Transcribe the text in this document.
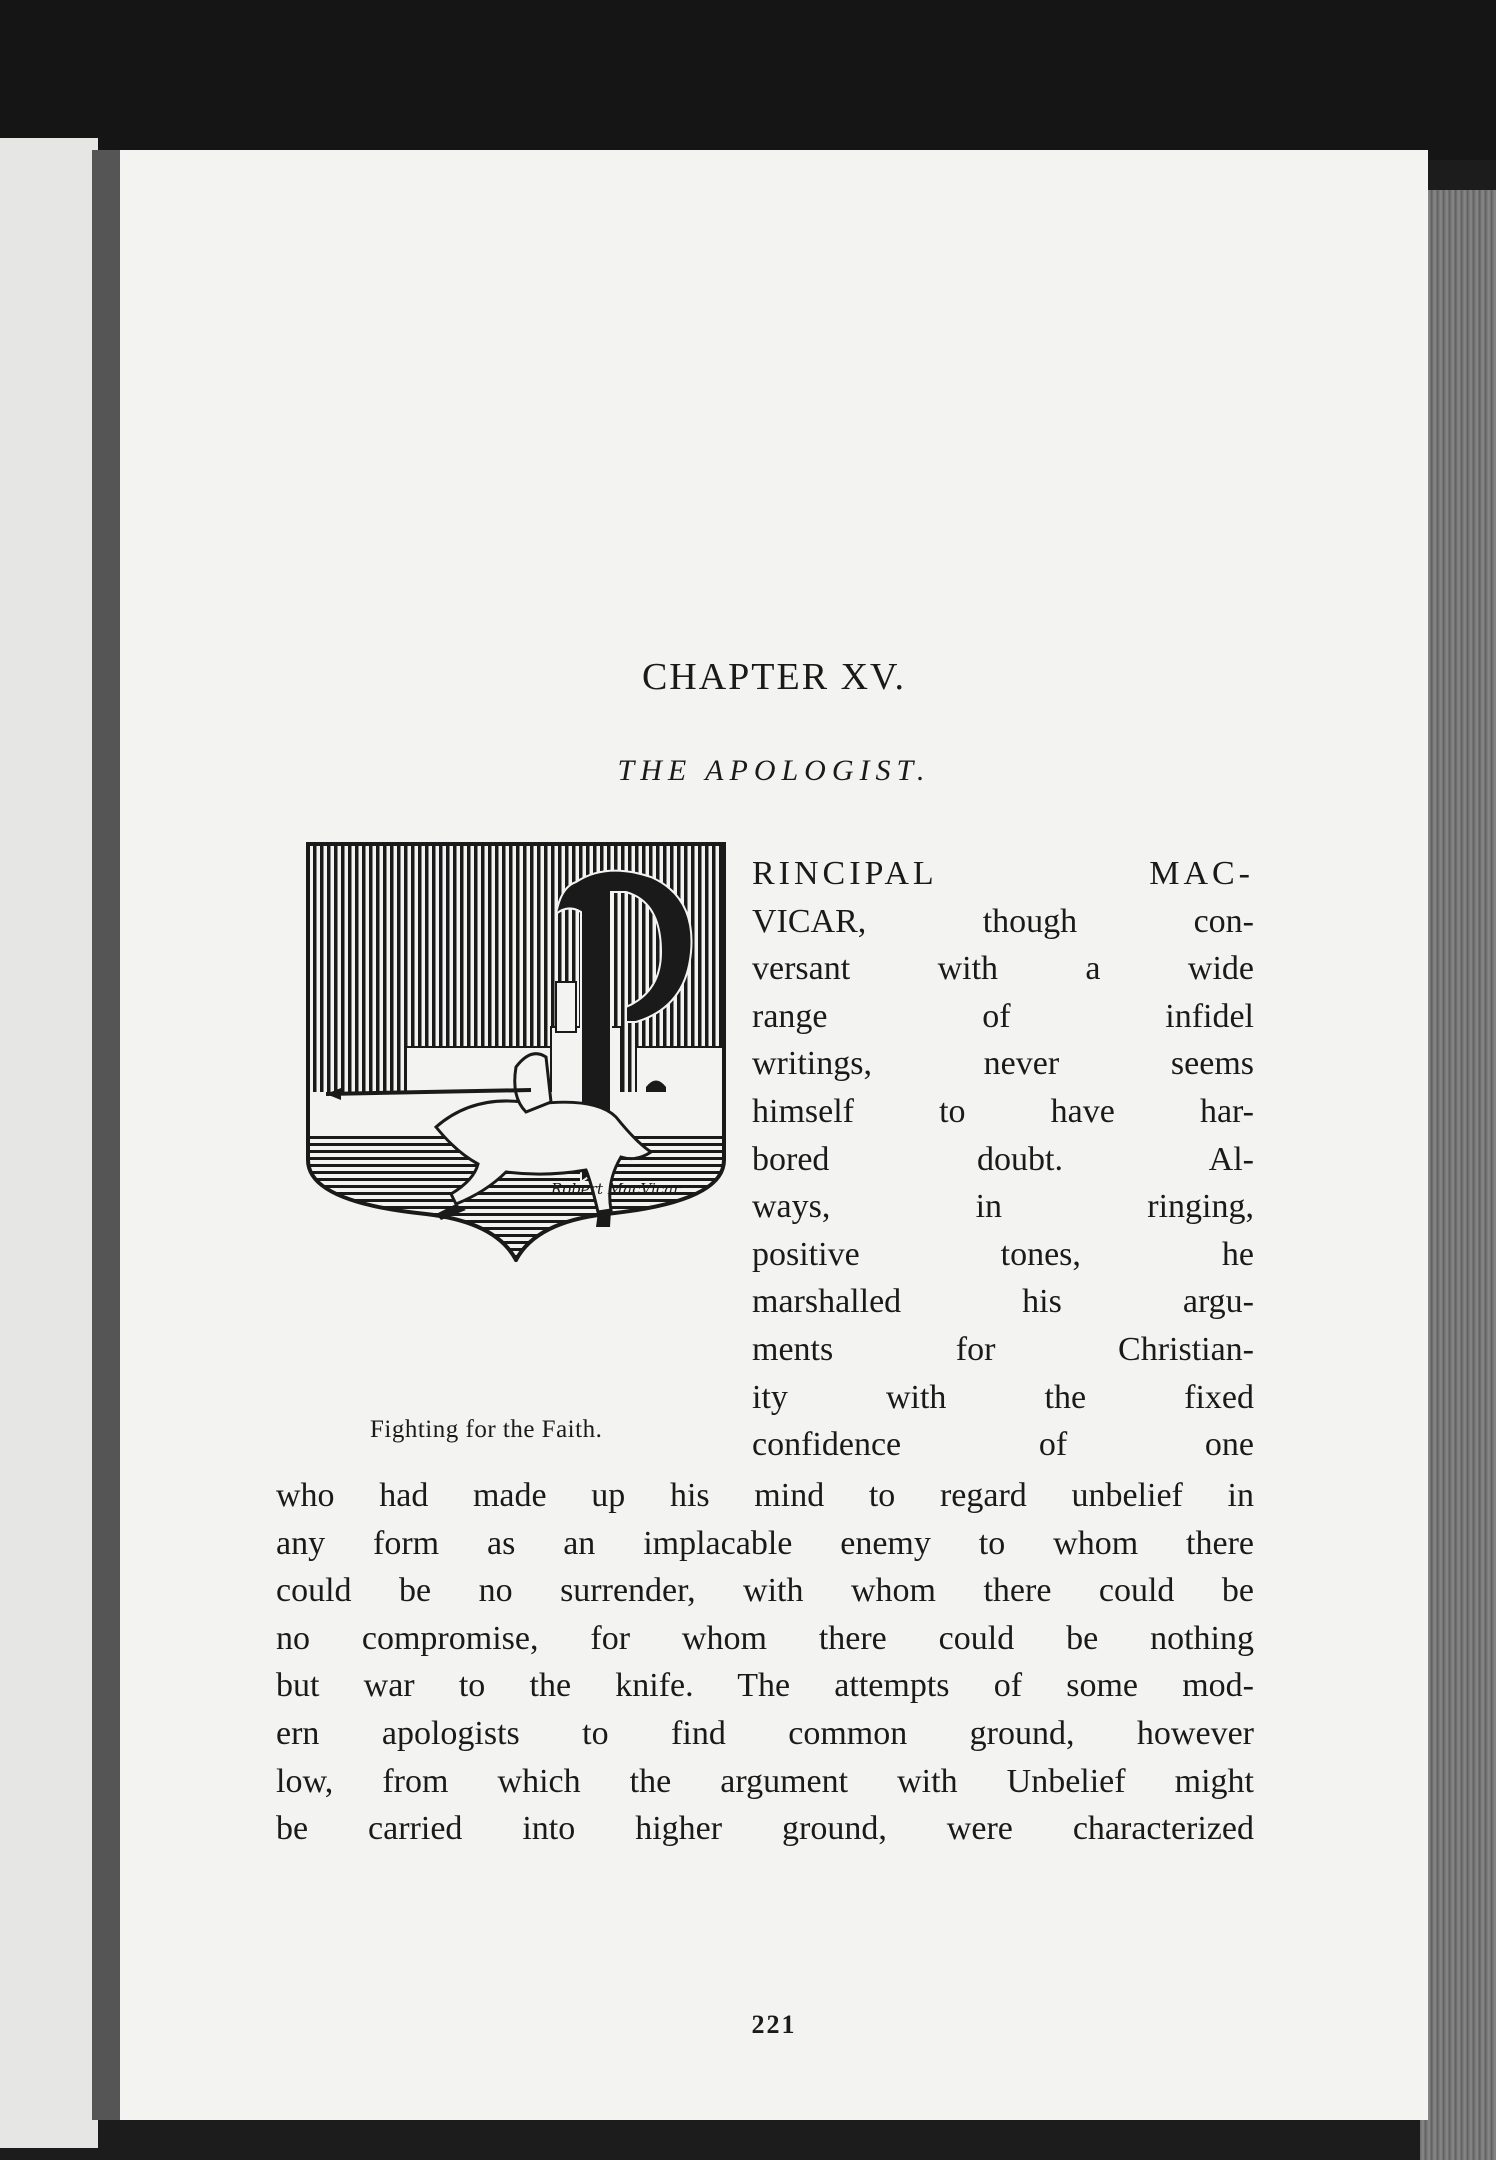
CHAPTER XV.
THE APOLOGIST.
Robert MacVicar
Fighting for the Faith.
RINCIPAL MAC-
VICAR, though con-
versant with a wide
range of infidel
writings, never seems
himself to have har-
bored doubt. Al-
ways, in ringing,
positive tones, he
marshalled his argu-
ments for Christian-
ity with the fixed
confidence of one
who had made up his mind to regard unbelief in
any form as an implacable enemy to whom there
could be no surrender, with whom there could be
no compromise, for whom there could be nothing
but war to the knife. The attempts of some mod-
ern apologists to find common ground, however
low, from which the argument with Unbelief might
be carried into higher ground, were characterized
221
